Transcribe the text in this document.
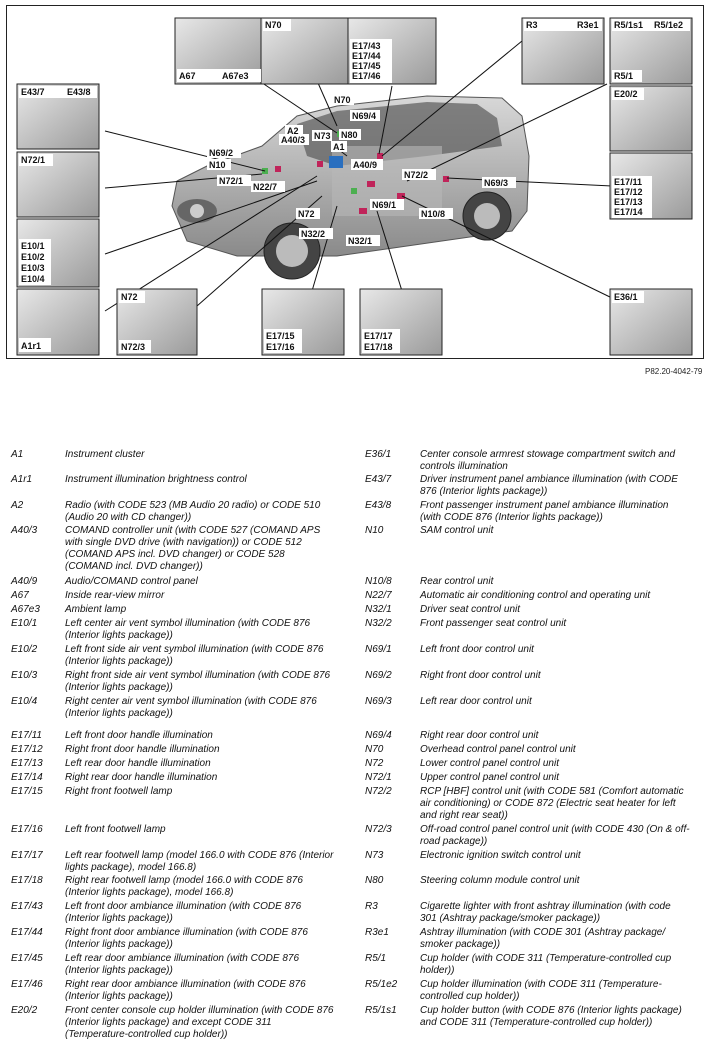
A67	A67e3
N70
E17/43
E17/44
E17/45
E17/46
R3	R3e1 R5/1s1 R5/1e2
R5/1
E43/7 E43/8
N72/1
E10/1
E10/2
E10/3
E10/4
A1r1
N72
N72/3
E17/15
E17/16
E17/17
E17/18
E20/2
E17/11
E17/12
E17/13
E17/14
E36/1
N70
N69/4
A2
A40/3 N73 N80
A1
N69/2
N10	A40/9
N72/1
N22/7
N72/2
N69/3
N69/1
N10/8
N72
N32/2
N32/1
P82.20-4042-79
A1	Instrument cluster
A1r1	Instrument illumination brightness control
A2	Radio (with CODE 523 (MB Audio 20 radio) or CODE 510 (Audio 20 with CD changer))
A40/3	COMAND controller unit (with CODE 527 (COMAND APS with single DVD drive (with navigation)) or CODE 512 (COMAND APS incl. DVD changer) or CODE 528 (COMAND incl. DVD changer))
A40/9	Audio/COMAND control panel
A67	Inside rear-view mirror
A67e3	Ambient lamp
E10/1	Left center air vent symbol illumination (with CODE 876 (Interior lights package))
E10/2	Left front side air vent symbol illumination (with CODE 876 (Interior lights package))
E10/3	Right front side air vent symbol illumination (with CODE 876 (Interior lights package))
E10/4	Right center air vent symbol illumination (with CODE 876 (Interior lights package))
E17/11	Left front door handle illumination
E17/12	Right front door handle illumination
E17/13	Left rear door handle illumination
E17/14	Right rear door handle illumination
E17/15	Right front footwell lamp
E17/16	Left front footwell lamp
E17/17	Left rear footwell lamp (model 166.0 with CODE 876 (Interior lights package), model 166.8)
E17/18	Right rear footwell lamp (model 166.0 with CODE 876 (Interior lights package), model 166.8)
E17/43	Left front door ambiance illumination (with CODE 876 (Interior lights package))
E17/44	Right front door ambiance illumination (with CODE 876 (Interior lights package))
E17/45	Left rear door ambiance illumination (with CODE 876 (Interior lights package))
E17/46	Right rear door ambiance illumination (with CODE 876 (Interior lights package))
E20/2	Front center console cup holder illumination (with CODE 876 (Interior lights package) and except CODE 311 (Temperature-controlled cup holder))
E36/1	Center console armrest stowage compartment switch and controls illumination
E43/7	Driver instrument panel ambiance illumination (with CODE 876 (Interior lights package))
E43/8	Front passenger instrument panel ambiance illumination (with CODE 876 (Interior lights package))
N10	SAM control unit
N10/8	Rear control unit
N22/7	Automatic air conditioning control and operating unit
N32/1	Driver seat control unit
N32/2	Front passenger seat control unit
N69/1	Left front door control unit
N69/2	Right front door control unit
N69/3	Left rear door control unit
N69/4	Right rear door control unit
N70	Overhead control panel control unit
N72	Lower control panel control unit
N72/1	Upper control panel control unit
N72/2	RCP [HBF] control unit (with CODE 581 (Comfort automatic air conditioning) or CODE 872 (Electric seat heater for left and right rear seat))
N72/3	Off-road control panel control unit (with CODE 430 (On & off-road package))
N73	Electronic ignition switch control unit
N80	Steering column module control unit
R3	Cigarette lighter with front ashtray illumination (with code 301 (Ashtray package/smoker package))
R3e1	Ashtray illumination (with CODE 301 (Ashtray package/ smoker package))
R5/1	Cup holder (with CODE 311 (Temperature-controlled cup holder))
R5/1e2	Cup holder illumination (with CODE 311 (Temperature-controlled cup holder))
R5/1s1	Cup holder button (with CODE 876 (Interior lights package) and CODE 311 (Temperature-controlled cup holder))
